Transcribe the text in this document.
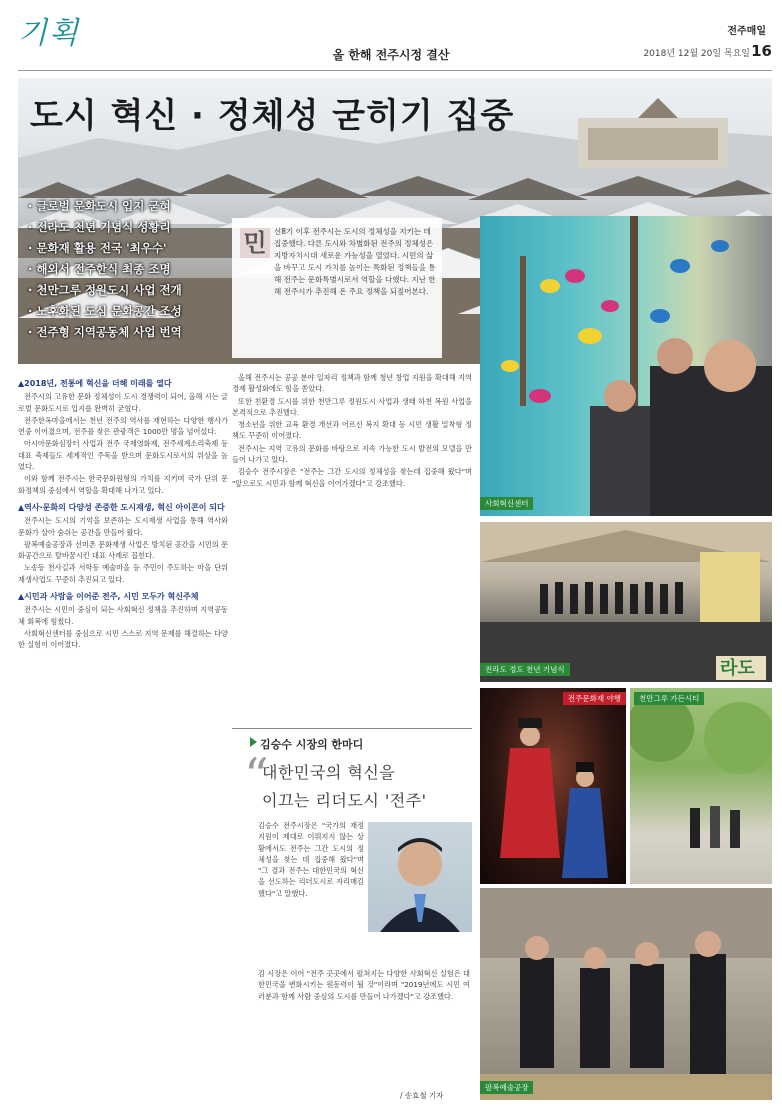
기획
올 한해 전주시정 결산
전주매일
2018년 12월 20일 목요일 16
도시 혁신 · 정체성 굳히기 집중
· 글로벌 문화도시 입지 굳혀
· 전라도 천년 기념식 성황리
· 문화재 활용 전국 '최우수'
· 해외서 전주한식 최종 조명
· 천만그루 정원도시 사업 전개
· 노후화된 도심 문화공간 조성
· 전주형 지역공동체 사업 번역
민 선8기 이후 전주시는 도시의 정체성을 지키는 데 집중했다. 다른 도시와 차별화된 전주의 정체성은 지방자치시대 새로운 가능성을 열었다. 시민의 삶을 바꾸고 도시 가치를 높이는 특화된 정책들을 통해 전주는 문화특별시로서 역할을 다했다. 지난 한 해 전주시가 추진해 온 주요 정책을 되짚어본다.
사회혁신센터
라도
전라도 정도 천년 기념식
전주문화재 야행	천만그루 가든시티
팔복예술공장
▲2018년, 전통에 혁신을 더해 미래를 열다
전주시의 고유한 문화 정체성이 도시 경쟁력이 되어, 올해 시는 글로벌 문화도시로 입지를 완벽히 굳혔다.
전주한옥마을에서는 천년 전주의 역사를 재현하는 다양한 행사가 연중 이어졌으며, 전주를 찾은 관광객은 1000만 명을 넘어섰다.
아시아문화심장터 사업과 전주 국제영화제, 전주세계소리축제 등 대표 축제들도 세계적인 주목을 받으며 문화도시로서의 위상을 높였다.
이와 함께 전주시는 한국문화원형의 가치를 지키며 국가 단위 문화정책의 중심에서 역할을 확대해 나가고 있다.
▲역사·문화의 다양성 존중한 도시재생, 혁신 아이콘이 되다
전주시는 도시의 기억을 보존하는 도시재생 사업을 통해 역사와 문화가 살아 숨쉬는 공간을 만들어 왔다.
팔복예술공장과 선미촌 문화재생 사업은 방치된 공간을 시민의 문화공간으로 탈바꿈시킨 대표 사례로 꼽힌다.
노송동 천사길과 서학동 예술마을 등 주민이 주도하는 마을 단위 재생사업도 꾸준히 추진되고 있다.
▲시민과 사람을 이어준 전주, 시민 모두가 혁신주체
전주시는 시민이 중심이 되는 사회혁신 정책을 추진하며 지역공동체 회복에 힘썼다.
사회혁신센터를 중심으로 시민 스스로 지역 문제를 해결하는 다양한 실험이 이어졌다.
올해 전주시는 공공 분야 일자리 정책과 함께 청년 창업 지원을 확대해 지역 경제 활성화에도 힘을 쏟았다.
또한 친환경 도시를 위한 천만그루 정원도시 사업과 생태 하천 복원 사업을 본격적으로 추진했다.
청소년을 위한 교육 환경 개선과 어르신 복지 확대 등 시민 생활 밀착형 정책도 꾸준히 이어졌다.
전주시는 지역 고유의 문화를 바탕으로 지속 가능한 도시 발전의 모델을 만들어 나가고 있다.
김승수 전주시장은 "전주는 그간 도시의 정체성을 찾는데 집중해 왔다"며 "앞으로도 시민과 함께 혁신을 이어가겠다"고 강조했다.
김승수 시장의 한마디
“
대한민국의 혁신을
이끄는 리더도시 '전주'
김승수 전주시장은 "국가의 재정 지원이 제대로 이뤄지지 않는 상황에서도 전주는 그간 도시의 정체성을 찾는 데 집중해 왔다"며 "그 결과 전주는 대한민국의 혁신을 선도하는 리더도시로 자리매김했다"고 말했다.
김 시장은 이어 "전주 곳곳에서 펼쳐지는 다양한 사회혁신 실험은 대한민국을 변화시키는 원동력이 될 것"이라며 "2019년에도 시민 여러분과 함께 사람 중심의 도시를 만들어 나가겠다"고 강조했다.
/ 송효철 기자
